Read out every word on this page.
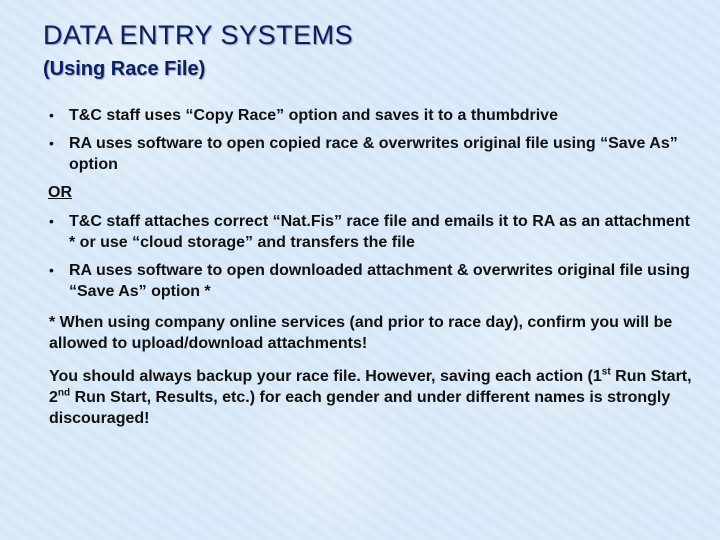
DATA ENTRY SYSTEMS
(Using Race File)
• T&C staff uses “Copy Race” option and saves it to a thumbdrive
• RA uses software to open copied race & overwrites original file using “Save As” option
OR
• T&C staff attaches correct “Nat.Fis” race file and emails it to RA as an attachment * or use “cloud storage” and transfers the file
• RA uses software to open downloaded attachment & overwrites original file using “Save As” option *
* When using company online services (and prior to race day), confirm you will be allowed to upload/download attachments!
You should always backup your race file. However, saving each action (1st Run Start, 2nd Run Start, Results, etc.) for each gender and under different names is strongly discouraged!
